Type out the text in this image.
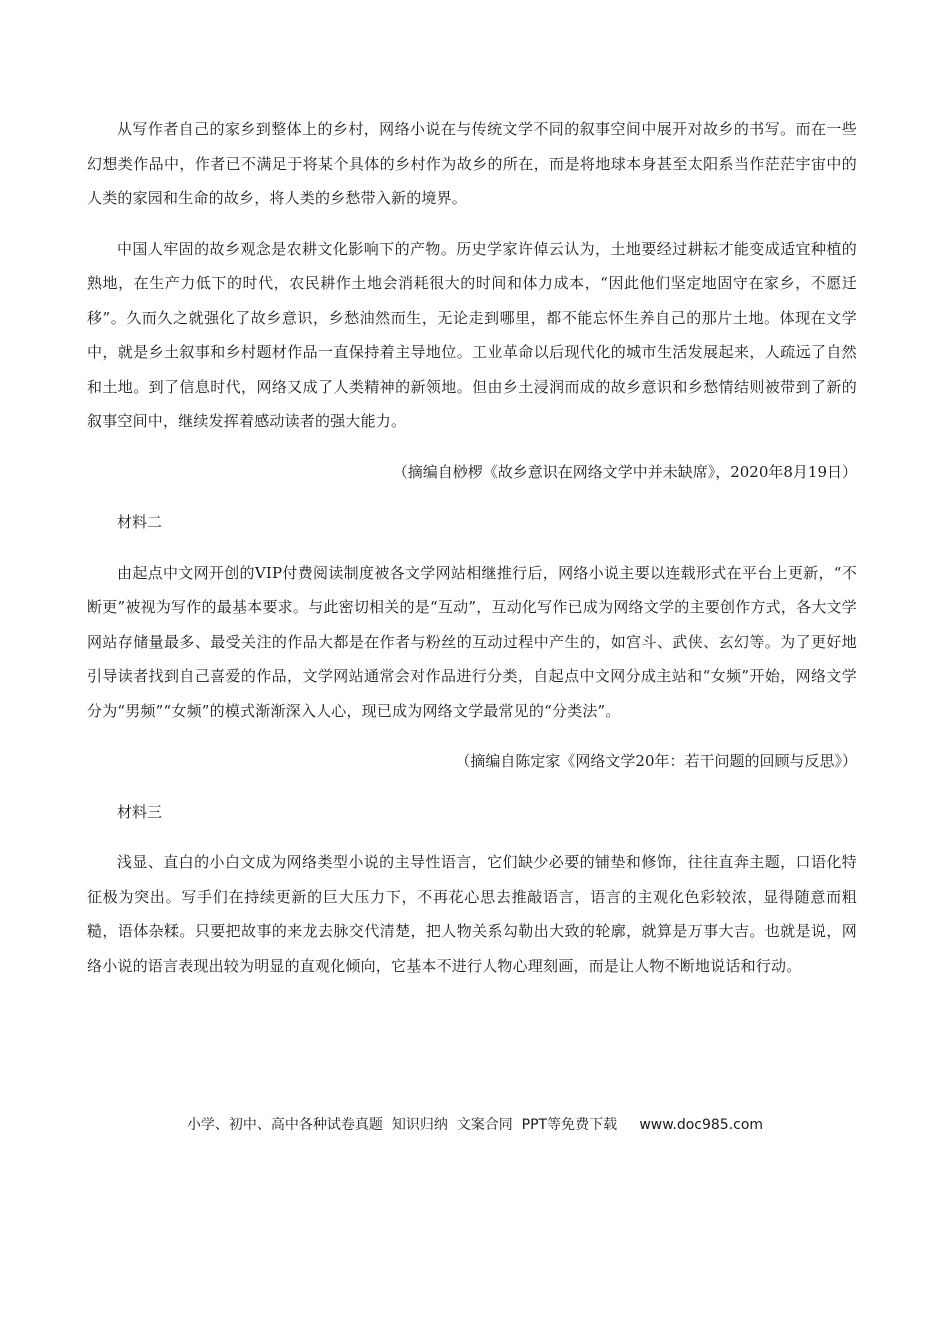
从写作者自己的家乡到整体上的乡村，网络小说在与传统文学不同的叙事空间中展开对故乡的书写。而在一些幻想类作品中，作者已不满足于将某个具体的乡村作为故乡的所在，而是将地球本身甚至太阳系当作茫茫宇宙中的人类的家园和生命的故乡，将人类的乡愁带入新的境界。

中国人牢固的故乡观念是农耕文化影响下的产物。历史学家许倬云认为，土地要经过耕耘才能变成适宜种植的熟地，在生产力低下的时代，农民耕作土地会消耗很大的时间和体力成本，“因此他们坚定地固守在家乡，不愿迁移”。久而久之就强化了故乡意识，乡愁油然而生，无论走到哪里，都不能忘怀生养自己的那片土地。体现在文学中，就是乡土叙事和乡村题材作品一直保持着主导地位。工业革命以后现代化的城市生活发展起来，人疏远了自然和土地。到了信息时代，网络又成了人类精神的新领地。但由乡土浸润而成的故乡意识和乡愁情结则被带到了新的叙事空间中，继续发挥着感动读者的强大能力。

（摘编自桫椤《故乡意识在网络文学中并未缺席》，2020年8月19日）

材料二

由起点中文网开创的VIP付费阅读制度被各文学网站相继推行后，网络小说主要以连载形式在平台上更新，“不断更”被视为写作的最基本要求。与此密切相关的是“互动”，互动化写作已成为网络文学的主要创作方式，各大文学网站存储量最多、最受关注的作品大都是在作者与粉丝的互动过程中产生的，如宫斗、武侠、玄幻等。为了更好地引导读者找到自己喜爱的作品，文学网站通常会对作品进行分类，自起点中文网分成主站和“女频”开始，网络文学分为“男频”“女频”的模式渐渐深入人心，现已成为网络文学最常见的“分类法”。

（摘编自陈定家《网络文学20年：若干问题的回顾与反思》）

材料三

浅显、直白的小白文成为网络类型小说的主导性语言，它们缺少必要的铺垫和修饰，往往直奔主题，口语化特征极为突出。写手们在持续更新的巨大压力下，不再花心思去推敲语言，语言的主观化色彩较浓，显得随意而粗糙，语体杂糅。只要把故事的来龙去脉交代清楚，把人物关系勾勒出大致的轮廓，就算是万事大吉。也就是说，网络小说的语言表现出较为明显的直观化倾向，它基本不进行人物心理刻画，而是让人物不断地说话和行动。

小学、初中、高中各种试卷真题  知识归纳  文案合同  PPT等免费下载     www.doc985.com
